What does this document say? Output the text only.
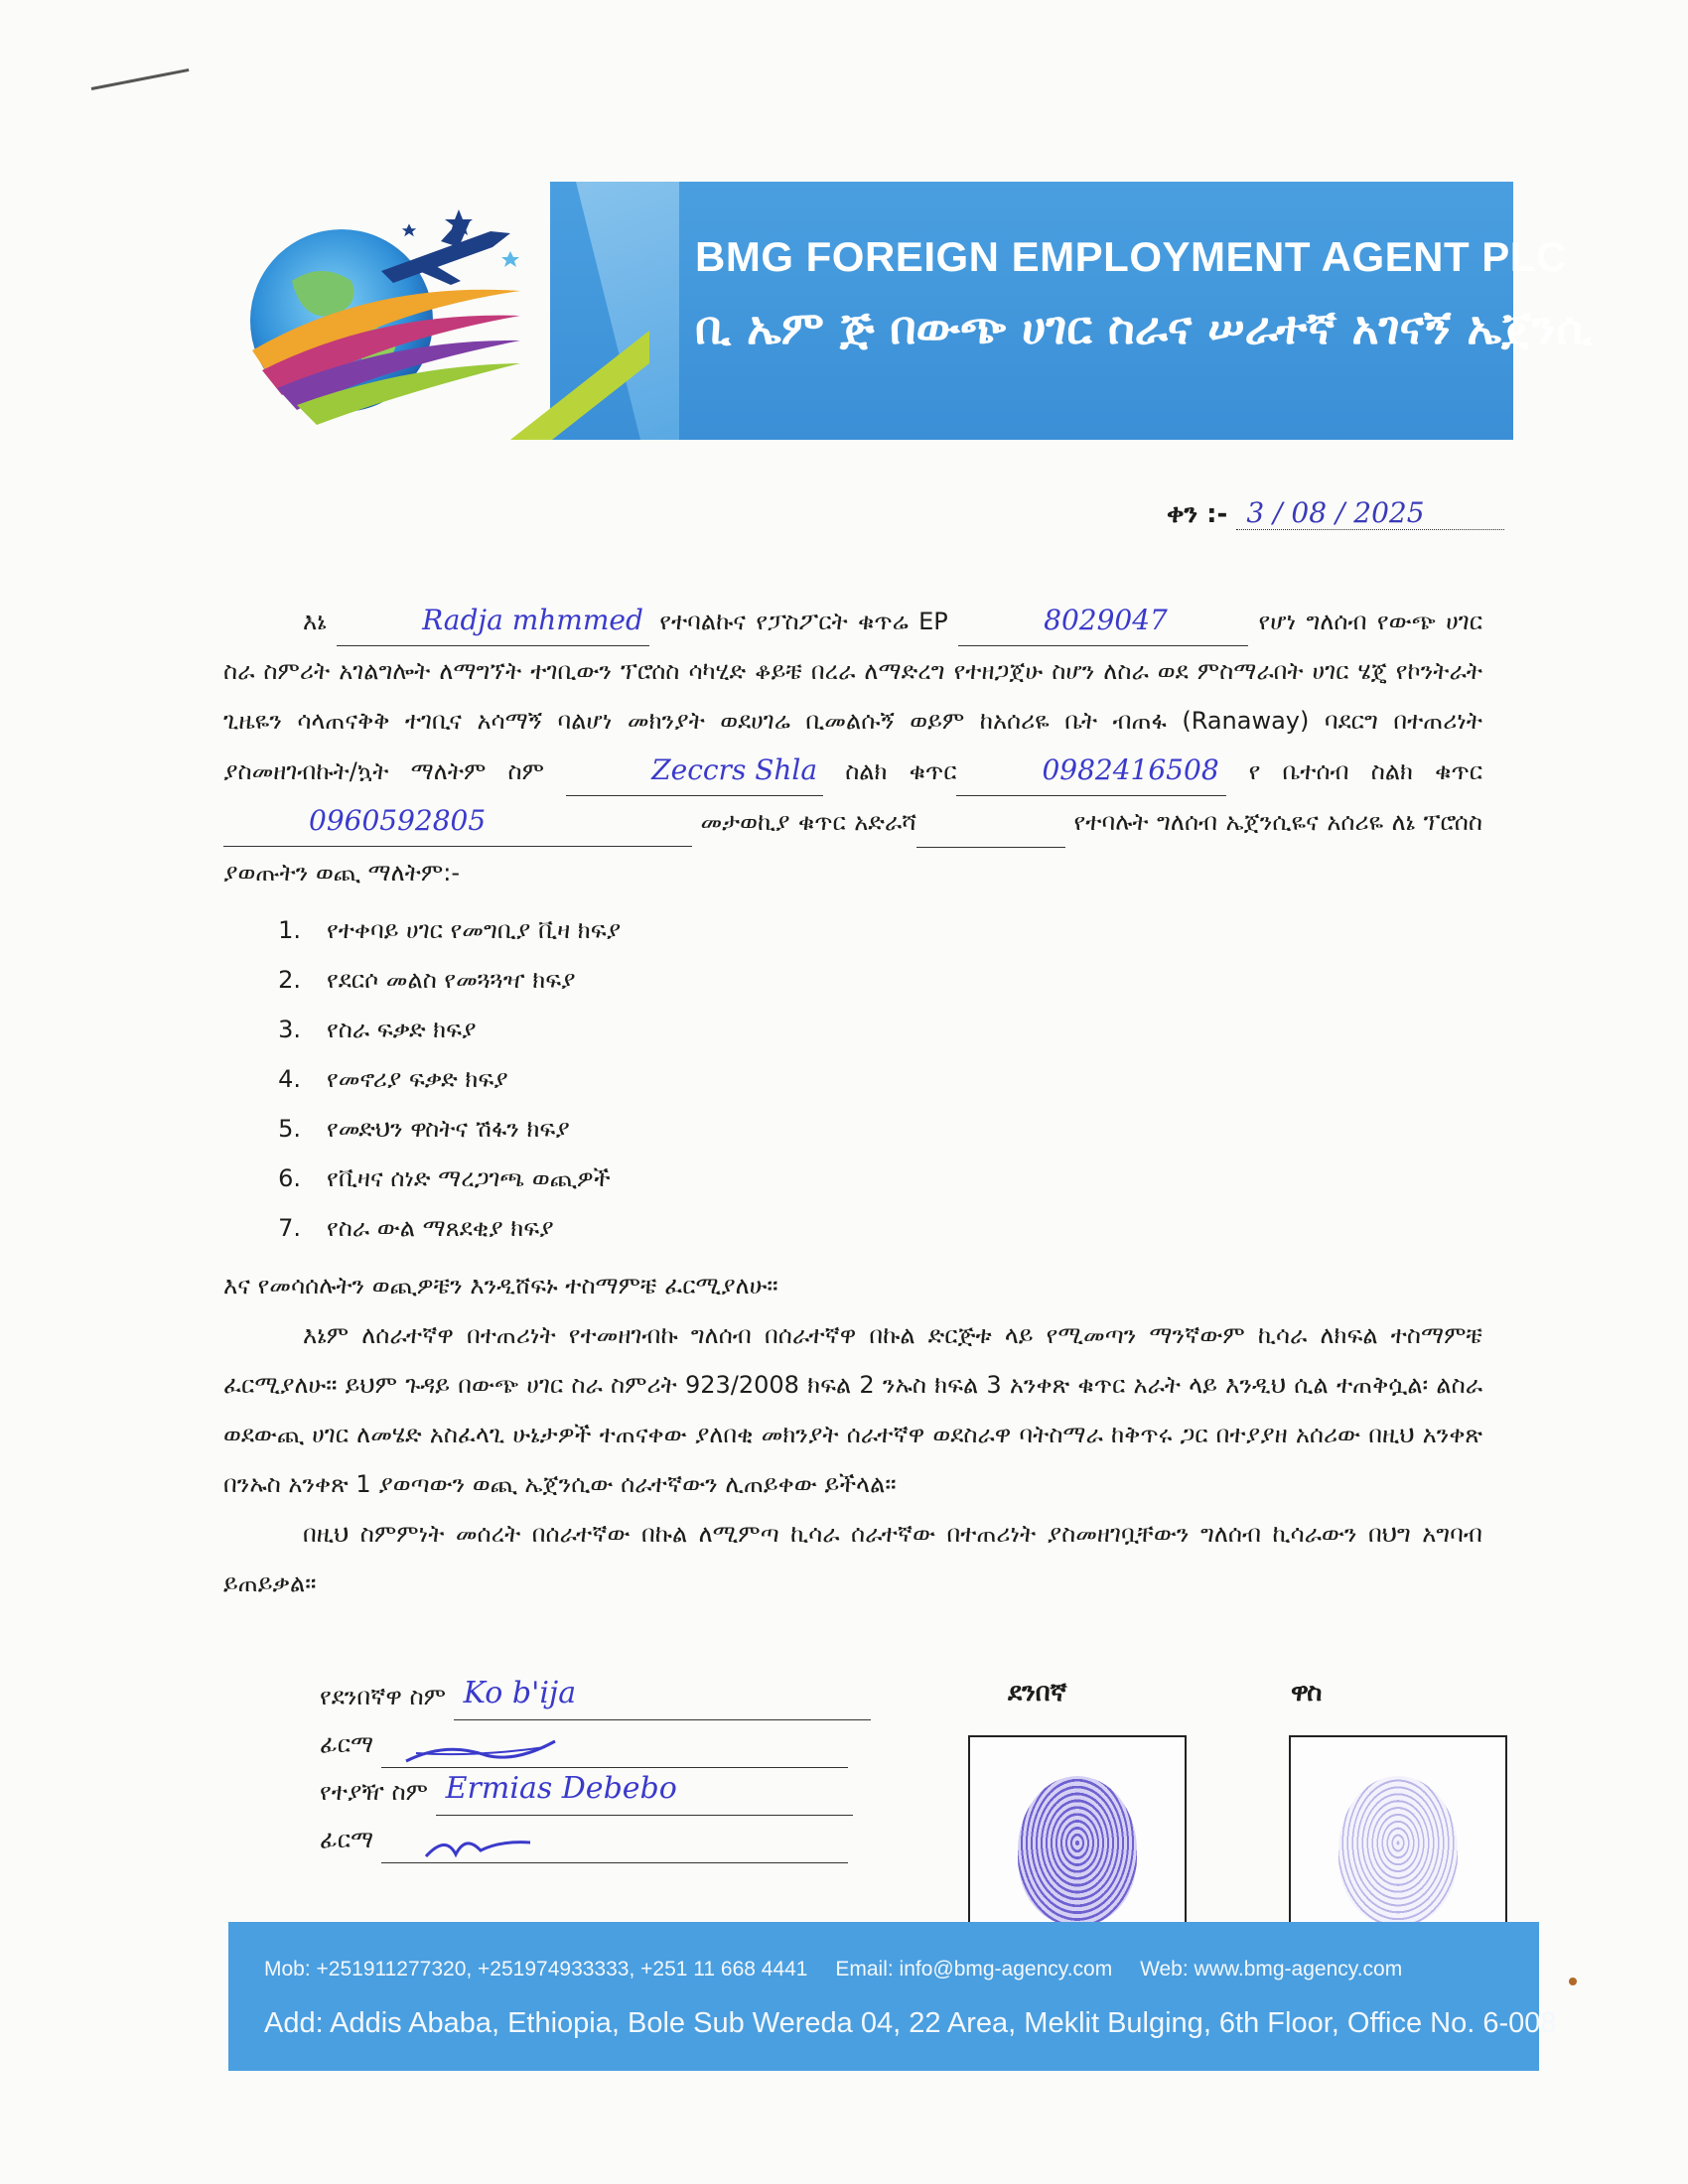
BMG FOREIGN EMPLOYMENT AGENT PLC
ቢ ኤም ጅ በውጭ ሀገር ስራና ሠራተኛ አገናኝ ኤጀንሲ
ቀን :- 3 / 08 / 2025

እኔ	Radja mhmmed የተባልኩና የፓስፖርት ቁጥሬ EP	8029047	የሆነ ግለሰብ የውጭ ሀገር ስራ ስምሪት አገልግሎት ለማግኘት ተገቢውን ፕሮሰስ ሳካሂድ ቆይቼ በረራ ለማድረግ የተዘጋጀሁ ስሆን ለስራ ወደ ምስማራበት ሀገር ሄጄ የኮንትራት ጊዜዬን ሳላጠናቅቅ ተገቢና አሳማኝ ባልሆነ መክንያት ወደሀገሬ ቢመልሱኝ ወይም ከአሰሪዬ ቤት ብጠፋ (Ranaway) ባደርግ በተጠሪነት ያስመዘገብኩት/ኳት ማለትም ስም	Zeccrs Shla ስልክ ቁጥር	0982416508 የ ቤተሰብ ስልክ ቁጥር 0960592805	መታወኪያ ቁጥር አድራሻ	የተባሉት ግለሰብ ኤጀንሲዬና አሰሪዬ ለኔ ፕሮሰስ ያወጡትን ወጪ ማለትም:-

1. የተቀባይ ሀገር የመግቢያ ቪዛ ክፍያ
2. የደርሶ መልስ የመጓጓዣ ክፍያ
3. የስራ ፍቃድ ክፍያ
4. የመኖሪያ ፍቃድ ክፍያ
5. የመድህን ዋስትና ሽፋን ክፍያ
6. የቪዛና ሰነድ ማረጋገጫ ወጪዎች
7. የስራ ውል ማጸደቂያ ክፍያ

እና የመሳሰሉትን ወጪዎቼን እንዲሸፍኑ ተስማምቼ ፈርሚያለሁ።

እኔም ለሰራተኛዋ በተጠሪነት የተመዘገብኩ ግለሰብ በሰራተኛዋ በኩል ድርጅቱ ላይ የሚመጣን ማንኛውም ኪሳራ ለክፍል ተስማምቼ ፈርሚያለሁ። ይህም ጉዳይ በውጭ ሀገር ስራ ስምሪት 923/2008 ክፍል 2 ንኡስ ክፍል 3 አንቀጽ ቁጥር አራት ላይ እንዲህ ሲል ተጠቅሷል፡ ልስራ ወደውጪ ሀገር ለመሄድ አስፈላጊ ሁኔታዎች ተጠናቀው ያለበቂ መክንያት ሰራተኛዋ ወደስራዋ ባትስማራ ከቅጥሩ ጋር በተያያዘ አሰሪው በዚህ አንቀጽ በንኡስ አንቀጽ 1 ያወጣውን ወጪ ኤጀንሲው ሰራተኛውን ሊጠይቀው ይችላል።

በዚህ ስምምነት መሰረት በሰራተኛው በኩል ለሚምጣ ኪሳራ ሰራተኛው በተጠሪነት ያስመዘገቧቸውን ግለሰብ ኪሳራውን በህግ አግባብ ይጠይቃል።

የደንበኛዋ ስም Ko b'ija
ፊርማ
የተያዥ ስም Ermias Debebo
ፊርማ
ደንበኛ	ዋስ
Mob: +251911277320, +251974933333, +251 11 668 4441 Email: info@bmg-agency.com Web: www.bmg-agency.com
Add: Addis Ababa, Ethiopia, Bole Sub Wereda 04, 22 Area, Meklit Bulging, 6th Floor, Office No. 6-008
